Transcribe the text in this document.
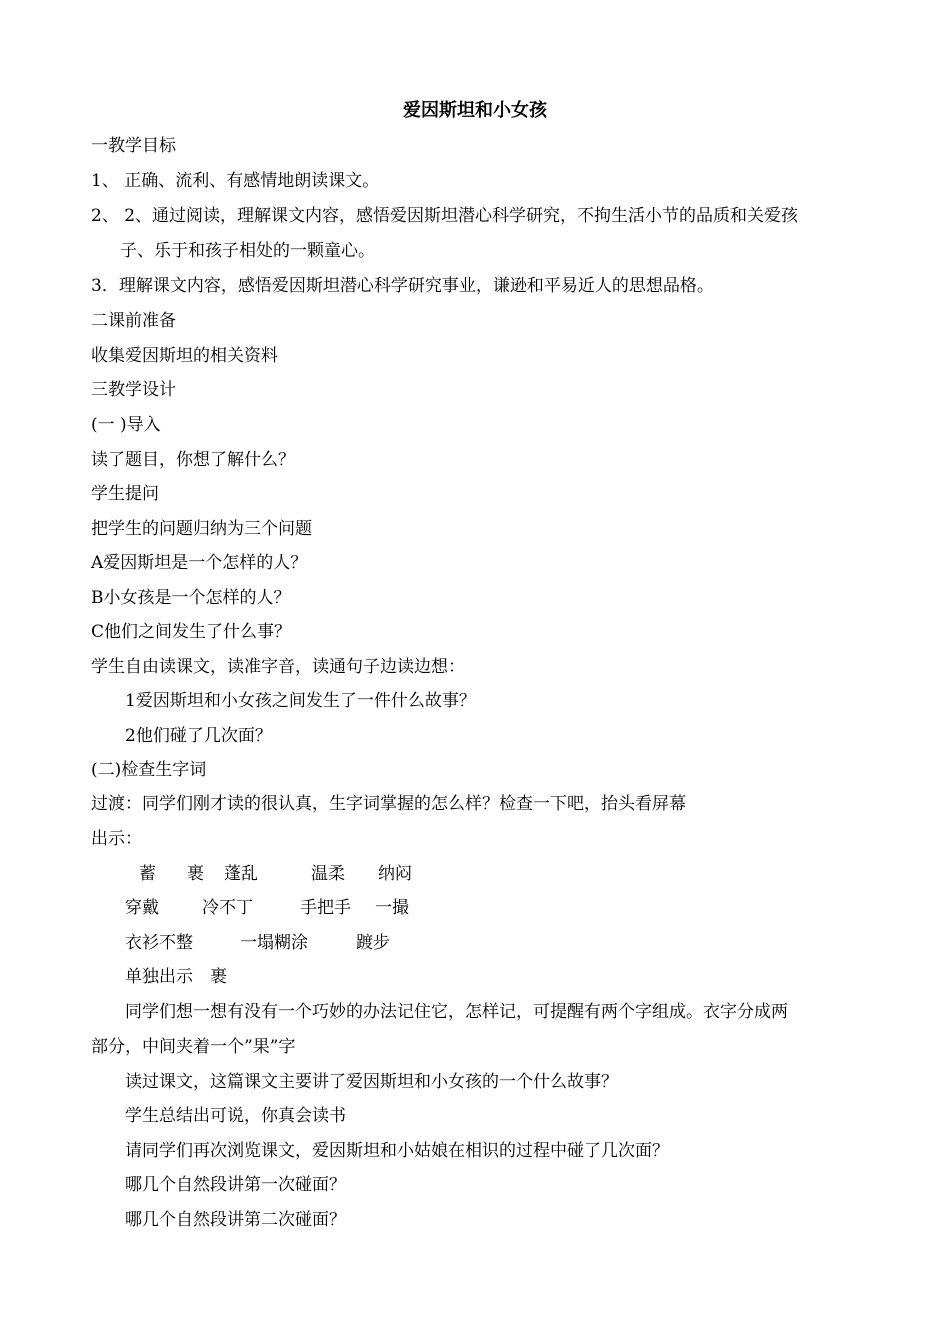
爱因斯坦和小女孩
一教学目标
1、 正确、流利、有感情地朗读课文。
2、 2、通过阅读，理解课文内容，感悟爱因斯坦潜心科学研究，不拘生活小节的品质和关爱孩
子、乐于和孩子相处的一颗童心。
3．理解课文内容，感悟爱因斯坦潜心科学研究事业，谦逊和平易近人的思想品格。
二课前准备
收集爱因斯坦的相关资料
三教学设计
(一 )导入
读了题目，你想了解什么？
学生提问
把学生的问题归纳为三个问题
A爱因斯坦是一个怎样的人？
B小女孩是一个怎样的人？
C他们之间发生了什么事？
学生自由读课文，读准字音，读通句子边读边想：
1爱因斯坦和小女孩之间发生了一件什么故事？
2他们碰了几次面？
(二)检查生字词
过渡：同学们刚才读的很认真，生字词掌握的怎么样？检查一下吧，抬头看屏幕
出示：
蓄 裹 蓬乱	温柔 纳闷
穿戴	冷不丁	手把手 一撮
衣衫不整	一塌糊涂	踱步
单独出示　裹
同学们想一想有没有一个巧妙的办法记住它，怎样记，可提醒有两个字组成。衣字分成两
部分，中间夹着一个”果”字
读过课文，这篇课文主要讲了爱因斯坦和小女孩的一个什么故事？
学生总结出可说，你真会读书
请同学们再次浏览课文，爱因斯坦和小姑娘在相识的过程中碰了几次面？
哪几个自然段讲第一次碰面？
哪几个自然段讲第二次碰面？
